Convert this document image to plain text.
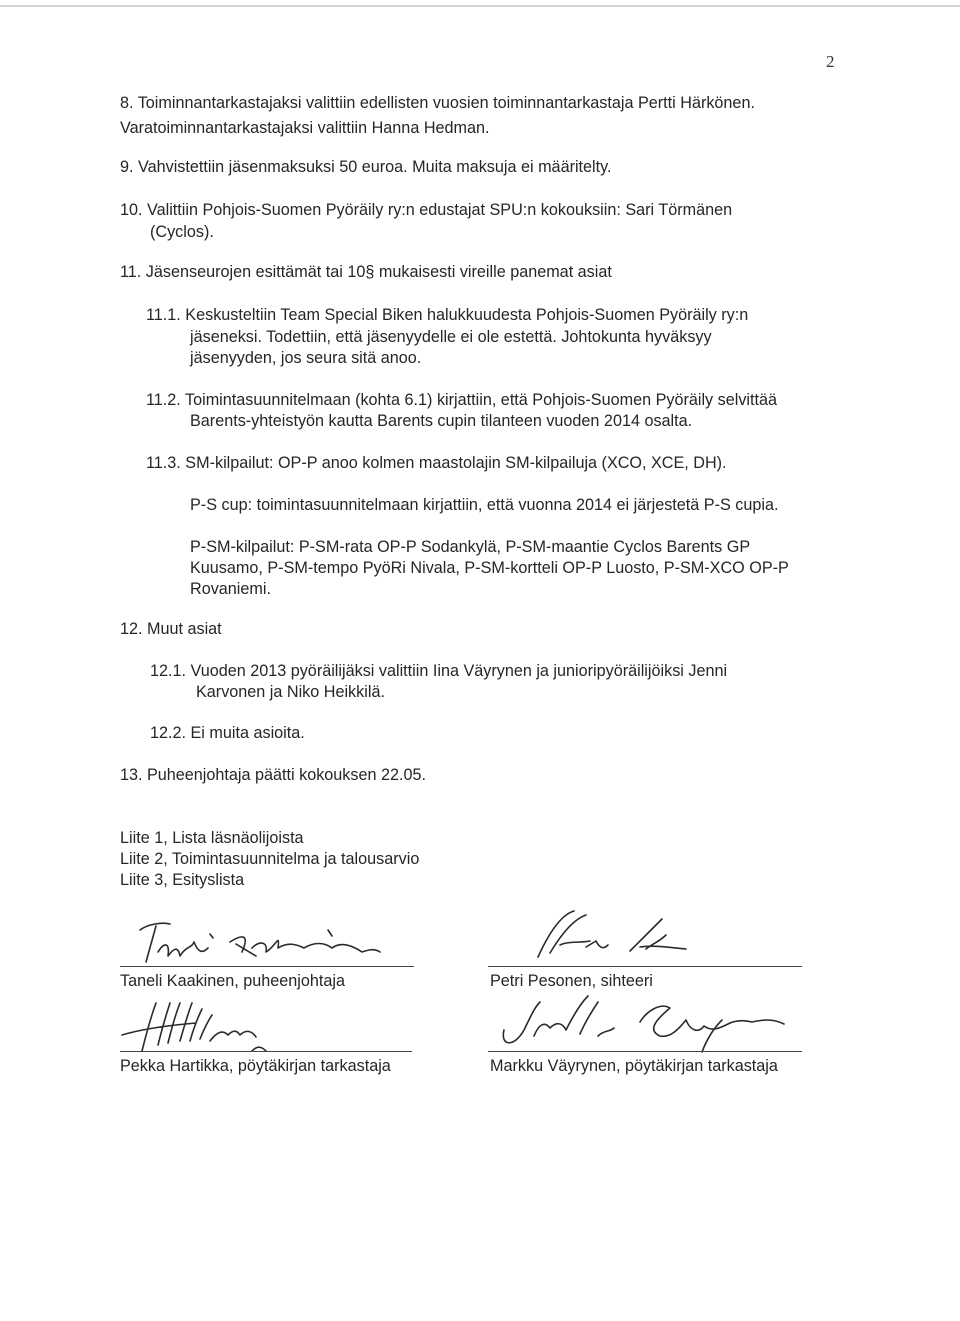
2
8. Toiminnantarkastajaksi valittiin edellisten vuosien toiminnantarkastaja Pertti Härkönen.
Varatoiminnantarkastajaksi valittiin Hanna Hedman.
9. Vahvistettiin jäsenmaksuksi 50 euroa. Muita maksuja ei määritelty.
10. Valittiin Pohjois-Suomen Pyöräily ry:n edustajat SPU:n kokouksiin: Sari Törmänen
(Cyclos).
11. Jäsenseurojen esittämät tai 10§ mukaisesti vireille panemat asiat
11.1. Keskusteltiin Team Special Biken halukkuudesta Pohjois-Suomen Pyöräily ry:n
jäseneksi. Todettiin, että jäsenyydelle ei ole estettä. Johtokunta hyväksyy
jäsenyyden, jos seura sitä anoo.
11.2. Toimintasuunnitelmaan (kohta 6.1) kirjattiin, että Pohjois-Suomen Pyöräily selvittää
Barents-yhteistyön kautta Barents cupin tilanteen vuoden 2014 osalta.
11.3. SM-kilpailut: OP-P anoo kolmen maastolajin SM-kilpailuja (XCO, XCE, DH).
P-S cup: toimintasuunnitelmaan kirjattiin, että vuonna 2014 ei järjestetä P-S cupia.
P-SM-kilpailut: P-SM-rata OP-P Sodankylä, P-SM-maantie Cyclos Barents GP
Kuusamo, P-SM-tempo PyöRi Nivala, P-SM-kortteli OP-P Luosto, P-SM-XCO OP-P
Rovaniemi.
12. Muut asiat
12.1. Vuoden 2013 pyöräilijäksi valittiin Iina Väyrynen ja junioripyöräilijöiksi Jenni
Karvonen ja Niko Heikkilä.
12.2. Ei muita asioita.
13. Puheenjohtaja päätti kokouksen 22.05.
Liite 1, Lista läsnäolijoista
Liite 2, Toimintasuunnitelma ja talousarvio
Liite 3, Esityslista
Taneli Kaakinen, puheenjohtaja	Petri Pesonen, sihteeri
Pekka Hartikka, pöytäkirjan tarkastaja	Markku Väyrynen, pöytäkirjan tarkastaja
